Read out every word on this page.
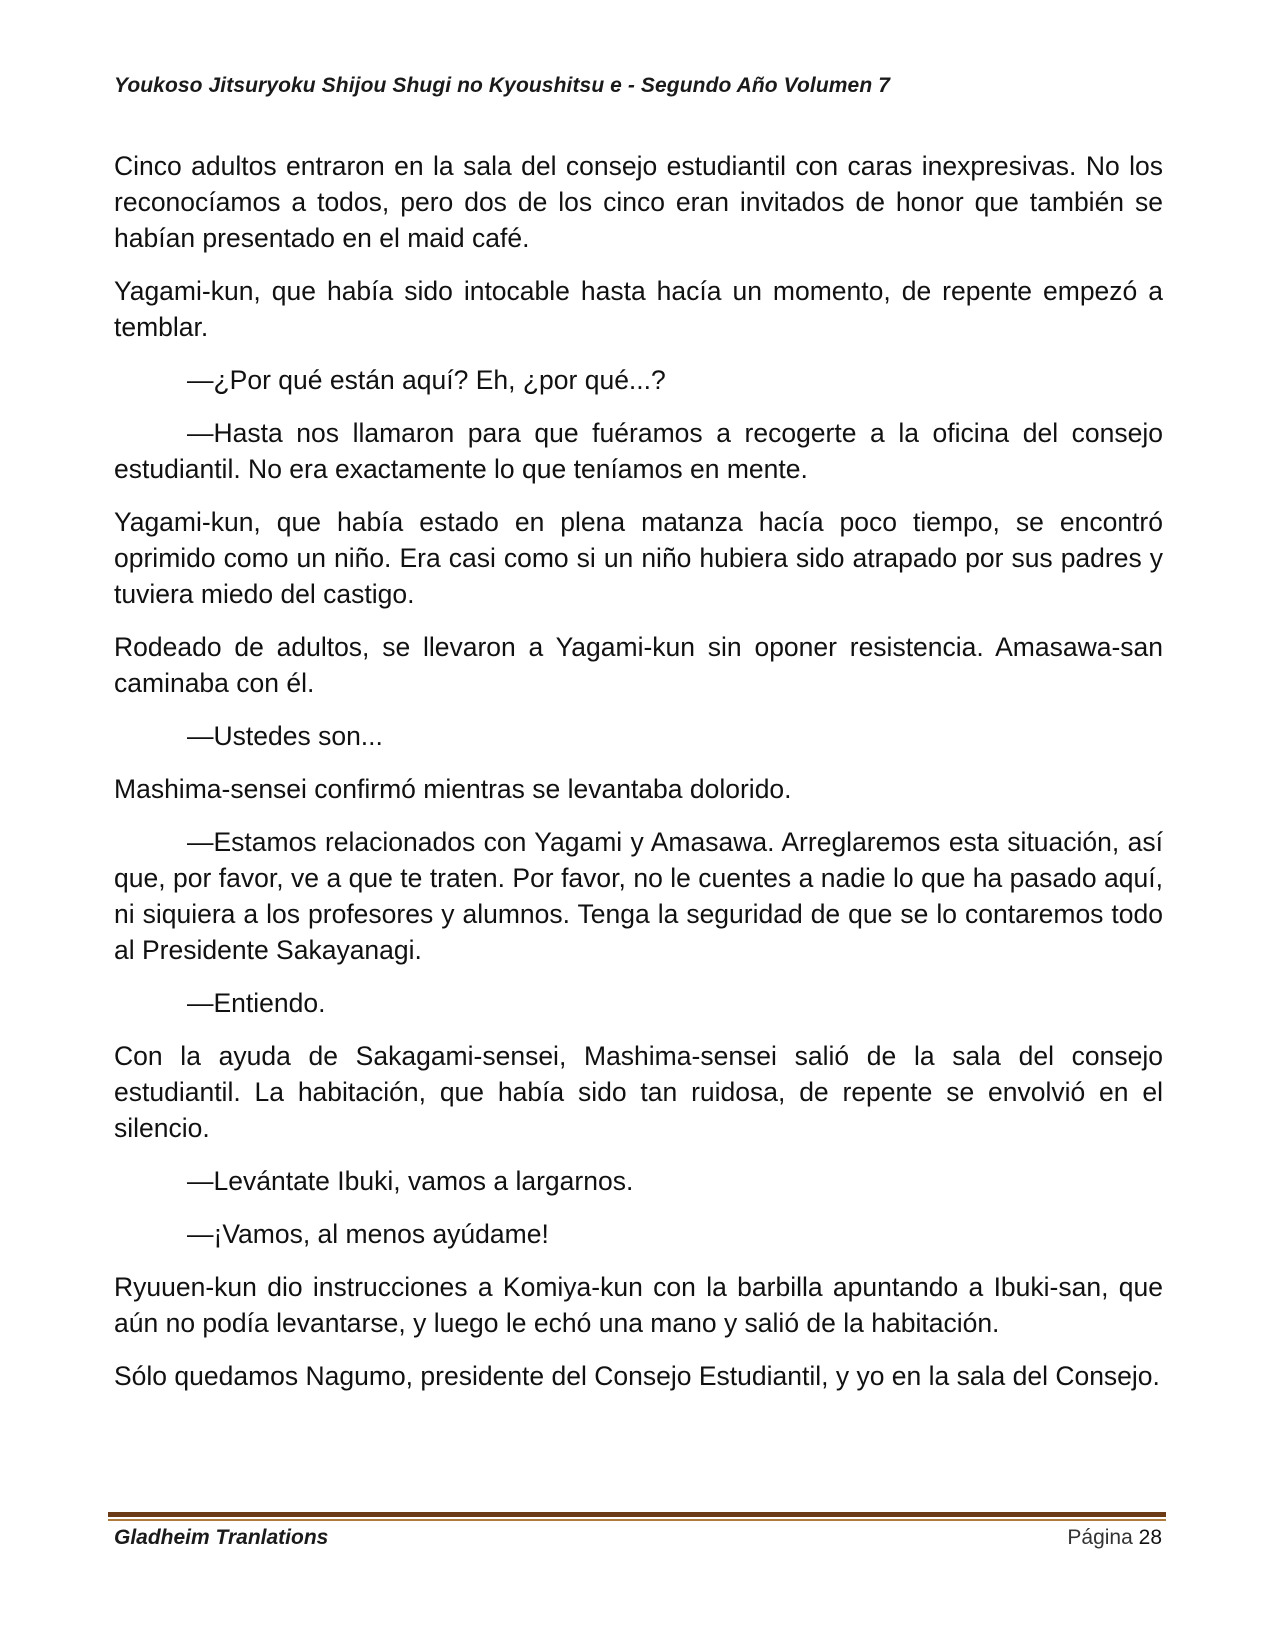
Youkoso Jitsuryoku Shijou Shugi no Kyoushitsu e - Segundo Año Volumen 7

Cinco adultos entraron en la sala del consejo estudiantil con caras inexpresivas. No los reconocíamos a todos, pero dos de los cinco eran invitados de honor que también se habían presentado en el maid café.

Yagami-kun, que había sido intocable hasta hacía un momento, de repente empezó a temblar.

—¿Por qué están aquí? Eh, ¿por qué...?

—Hasta nos llamaron para que fuéramos a recogerte a la oficina del consejo estudiantil. No era exactamente lo que teníamos en mente.

Yagami-kun, que había estado en plena matanza hacía poco tiempo, se encontró oprimido como un niño. Era casi como si un niño hubiera sido atrapado por sus padres y tuviera miedo del castigo.

Rodeado de adultos, se llevaron a Yagami-kun sin oponer resistencia. Amasawa-san caminaba con él.

—Ustedes son...

Mashima-sensei confirmó mientras se levantaba dolorido.

—Estamos relacionados con Yagami y Amasawa. Arreglaremos esta situación, así que, por favor, ve a que te traten. Por favor, no le cuentes a nadie lo que ha pasado aquí, ni siquiera a los profesores y alumnos. Tenga la seguridad de que se lo contaremos todo al Presidente Sakayanagi.

—Entiendo.

Con la ayuda de Sakagami-sensei, Mashima-sensei salió de la sala del consejo estudiantil. La habitación, que había sido tan ruidosa, de repente se envolvió en el silencio.

—Levántate Ibuki, vamos a largarnos.

—¡Vamos, al menos ayúdame!

Ryuuen-kun dio instrucciones a Komiya-kun con la barbilla apuntando a Ibuki-san, que aún no podía levantarse, y luego le echó una mano y salió de la habitación.

Sólo quedamos Nagumo, presidente del Consejo Estudiantil, y yo en la sala del Consejo.

Gladheim Tranlations	Página 28
